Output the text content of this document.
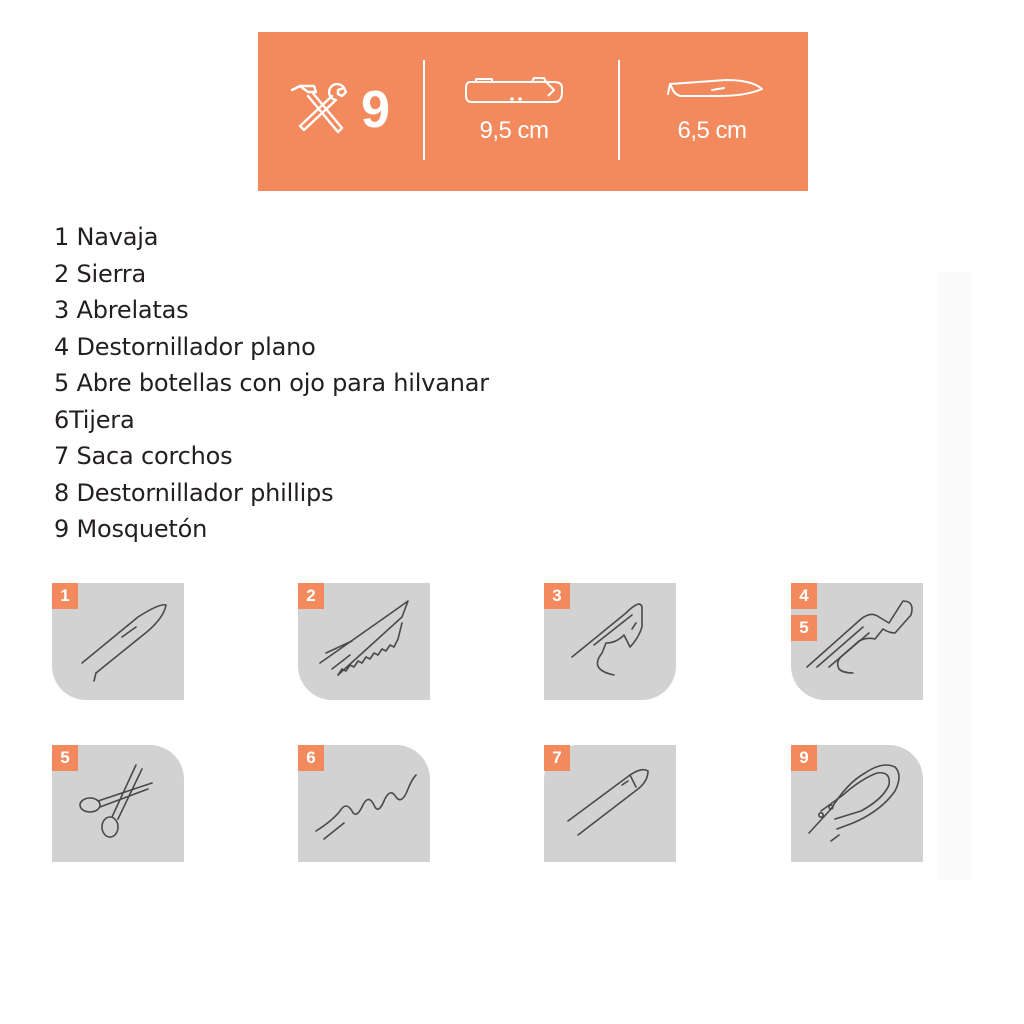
9	9,5 cm	6,5 cm
1 Navaja
2 Sierra
3 Abrelatas
4 Destornillador plano
5 Abre botellas con ojo para hilvanar
6Tijera
7 Saca corchos
8 Destornillador phillips
9 Mosquetón
1	2	3	4
5
5	6	7	9
